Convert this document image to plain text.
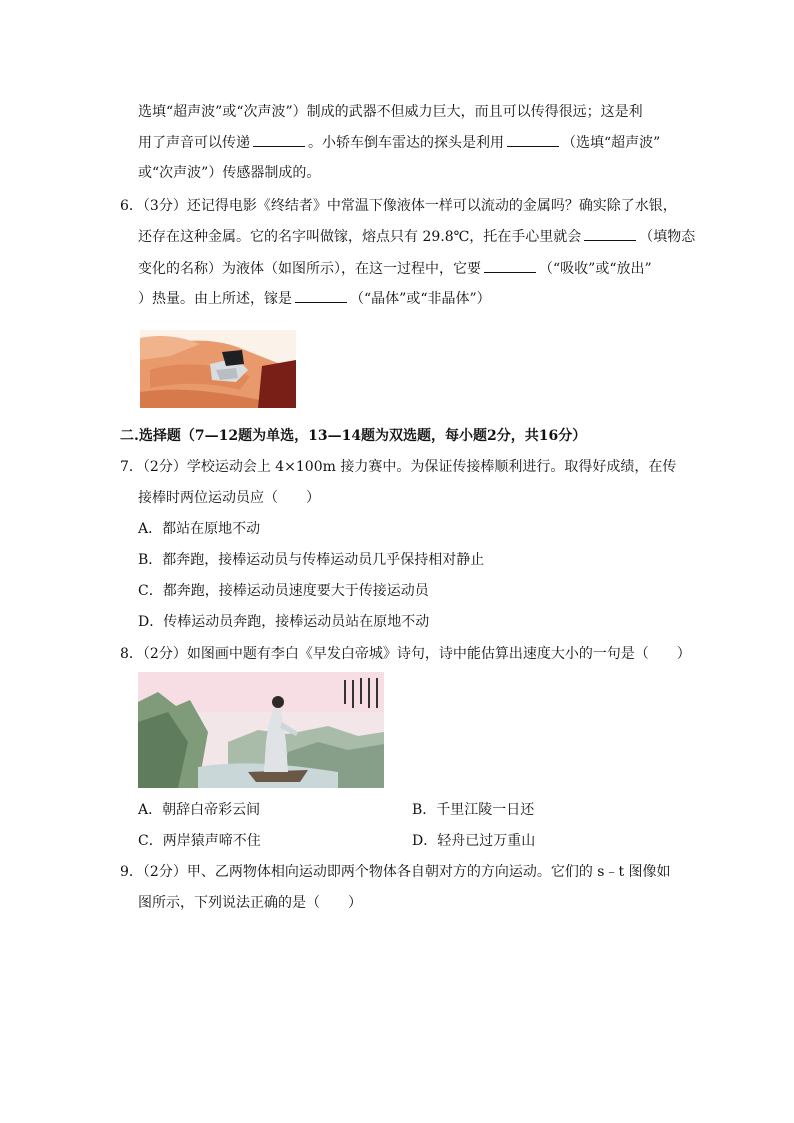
选填“超声波”或“次声波”）制成的武器不但威力巨大，而且可以传得很远；这是利
用了声音可以传递	。小轿车倒车雷达的探头是利用	（选填“超声波”
或“次声波”）传感器制成的。
6．（3分）还记得电影《终结者》中常温下像液体一样可以流动的金属吗？确实除了水银，
还存在这种金属。它的名字叫做镓，熔点只有 29.8℃，托在手心里就会	（填物态
变化的名称）为液体（如图所示），在这一过程中，它要	（“吸收”或“放出”
）热量。由上所述，镓是	（“晶体”或“非晶体”）
二.选择题（7—12题为单选，13—14题为双选题，每小题2分，共16分）
7．（2分）学校运动会上 4×100m 接力赛中。为保证传接棒顺利进行。取得好成绩，在传
接棒时两位运动员应（　　）
A．都站在原地不动
B．都奔跑，接棒运动员与传棒运动员几乎保持相对静止
C．都奔跑，接棒运动员速度要大于传接运动员
D．传棒运动员奔跑，接棒运动员站在原地不动
8．（2分）如图画中题有李白《早发白帝城》诗句，诗中能估算出速度大小的一句是（　　）
A．朝辞白帝彩云间	B．千里江陵一日还
C．两岸猿声啼不住	D．轻舟已过万重山
9．（2分）甲、乙两物体相向运动即两个物体各自朝对方的方向运动。它们的 s﹣t 图像如
图所示，下列说法正确的是（　　）
